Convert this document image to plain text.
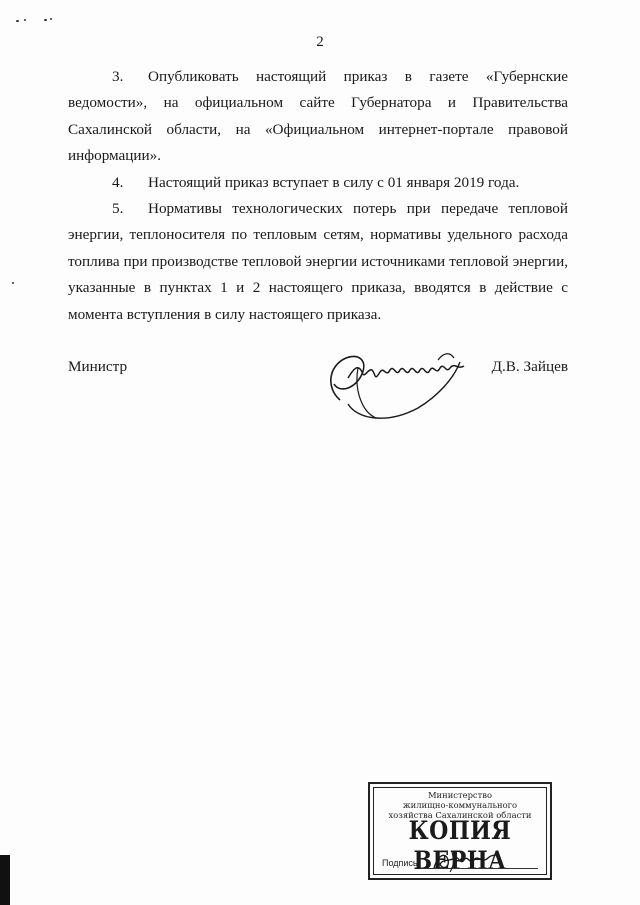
2

3. Опубликовать настоящий приказ в газете «Губернские ведомости», на официальном сайте Губернатора и Правительства Сахалинской области, на «Официальном интернет-портале правовой информации».

4. Настоящий приказ вступает в силу с 01 января 2019 года.

5. Нормативы технологических потерь при передаче тепловой энергии, теплоносителя по тепловым сетям, нормативы удельного расхода топлива при производстве тепловой энергии источниками тепловой энергии, указанные в пунктах 1 и 2 настоящего приказа, вводятся в действие с момента вступления в силу настоящего приказа.

Министр	Д.В. Зайцев
Министерство
жилищно-коммунального
хозяйства Сахалинской области
КОПИЯ ВЕРНА
Подпись
